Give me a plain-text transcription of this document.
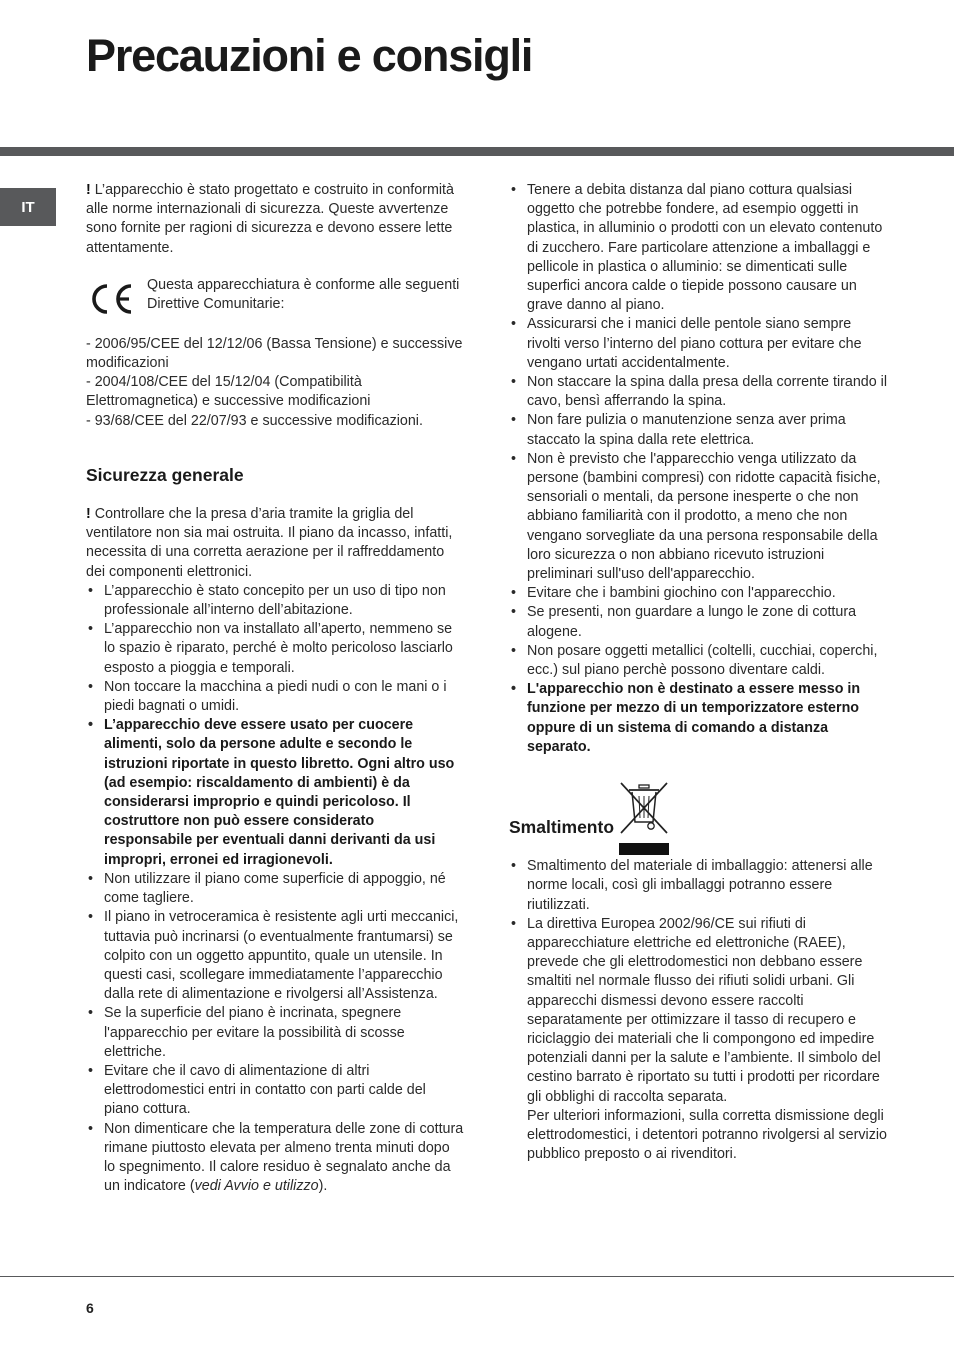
Precauzioni e consigli
IT

! L’apparecchio è stato progettato e costruito in conformità alle norme internazionali di sicurezza. Queste avvertenze sono fornite per ragioni di sicurezza e devono essere lette attentamente.

Questa apparecchiatura è conforme alle seguenti Direttive Comunitarie:

- 2006/95/CEE del 12/12/06 (Bassa Tensione) e successive modificazioni

- 2004/108/CEE del 15/12/04 (Compatibilità Elettromagnetica) e successive modificazioni

- 93/68/CEE del 22/07/93 e successive modificazioni.

Sicurezza generale

! Controllare che la presa d’aria tramite la griglia del ventilatore non sia mai ostruita. Il piano da incasso, infatti, necessita di una corretta aerazione per il raffreddamento dei componenti elettronici.

• L’apparecchio è stato concepito per un uso di tipo non professionale all’interno dell’abitazione.
• L’apparecchio non va installato all’aperto, nemmeno se lo spazio è riparato, perché è molto pericoloso lasciarlo esposto a pioggia e temporali.
• Non toccare la macchina a piedi nudi o con le mani o i piedi bagnati o umidi.
• L’apparecchio deve essere usato per cuocere alimenti, solo da persone adulte e secondo le istruzioni riportate in questo libretto. Ogni altro uso (ad esempio: riscaldamento di ambienti) è da considerarsi improprio e quindi pericoloso. Il costruttore non può essere considerato responsabile per eventuali danni derivanti da usi impropri, erronei ed irragionevoli.
• Non utilizzare il piano come superficie di appoggio, né come tagliere.
• Il piano in vetroceramica è resistente agli urti meccanici, tuttavia può incrinarsi (o eventualmente frantumarsi) se colpito con un oggetto appuntito, quale un utensile. In questi casi, scollegare immediatamente l’apparecchio dalla rete di alimentazione e rivolgersi all’Assistenza.
• Se la superficie del piano è incrinata, spegnere l'apparecchio per evitare la possibilità di scosse elettriche.
• Evitare che il cavo di alimentazione di altri elettrodomestici entri in contatto con parti calde del piano cottura.
• Non dimenticare che la temperatura delle zone di cottura rimane piuttosto elevata per almeno trenta minuti dopo lo spegnimento. Il calore residuo è segnalato anche da un indicatore (vedi Avvio e utilizzo).
• Tenere a debita distanza dal piano cottura qualsiasi oggetto che potrebbe fondere, ad esempio oggetti in plastica, in alluminio o prodotti con un elevato contenuto di zucchero. Fare particolare attenzione a imballaggi e pellicole in plastica o alluminio: se dimenticati sulle superfici ancora calde o tiepide possono causare un grave danno al piano.
• Assicurarsi che i manici delle pentole siano sempre rivolti verso l’interno del piano cottura per evitare che vengano urtati accidentalmente.
• Non staccare la spina dalla presa della corrente tirando il cavo, bensì afferrando la spina.
• Non fare pulizia o manutenzione senza aver prima staccato la spina dalla rete elettrica.
• Non è previsto che l'apparecchio venga utilizzato da persone (bambini compresi) con ridotte capacità fisiche, sensoriali o mentali, da persone inesperte o che non abbiano familiarità con il prodotto, a meno che non vengano sorvegliate da una persona responsabile della loro sicurezza o non abbiano ricevuto istruzioni preliminari sull'uso dell'apparecchio.
• Evitare che i bambini giochino con l'apparecchio.
• Se presenti, non guardare a lungo le zone di cottura alogene.
• Non posare oggetti metallici (coltelli, cucchiai, coperchi, ecc.) sul piano perchè possono diventare caldi.
• L'apparecchio non è destinato a essere messo in funzione per mezzo di un temporizzatore esterno oppure di un sistema di comando a distanza separato.
Smaltimento
• Smaltimento del materiale di imballaggio: attenersi alle norme locali, così gli imballaggi potranno essere riutilizzati.
• La direttiva Europea 2002/96/CE sui rifiuti di apparecchiature elettriche ed elettroniche (RAEE), prevede che gli elettrodomestici non debbano essere smaltiti nel normale flusso dei rifiuti solidi urbani. Gli apparecchi dismessi devono essere raccolti separatamente per ottimizzare il tasso di recupero e riciclaggio dei materiali che li compongono ed impedire potenziali danni per la salute e l’ambiente. Il simbolo del cestino barrato è riportato su tutti i prodotti per ricordare gli obblighi di raccolta separata.
Per ulteriori informazioni, sulla corretta dismissione degli elettrodomestici, i detentori potranno rivolgersi al servizio pubblico preposto o ai rivenditori.
6
